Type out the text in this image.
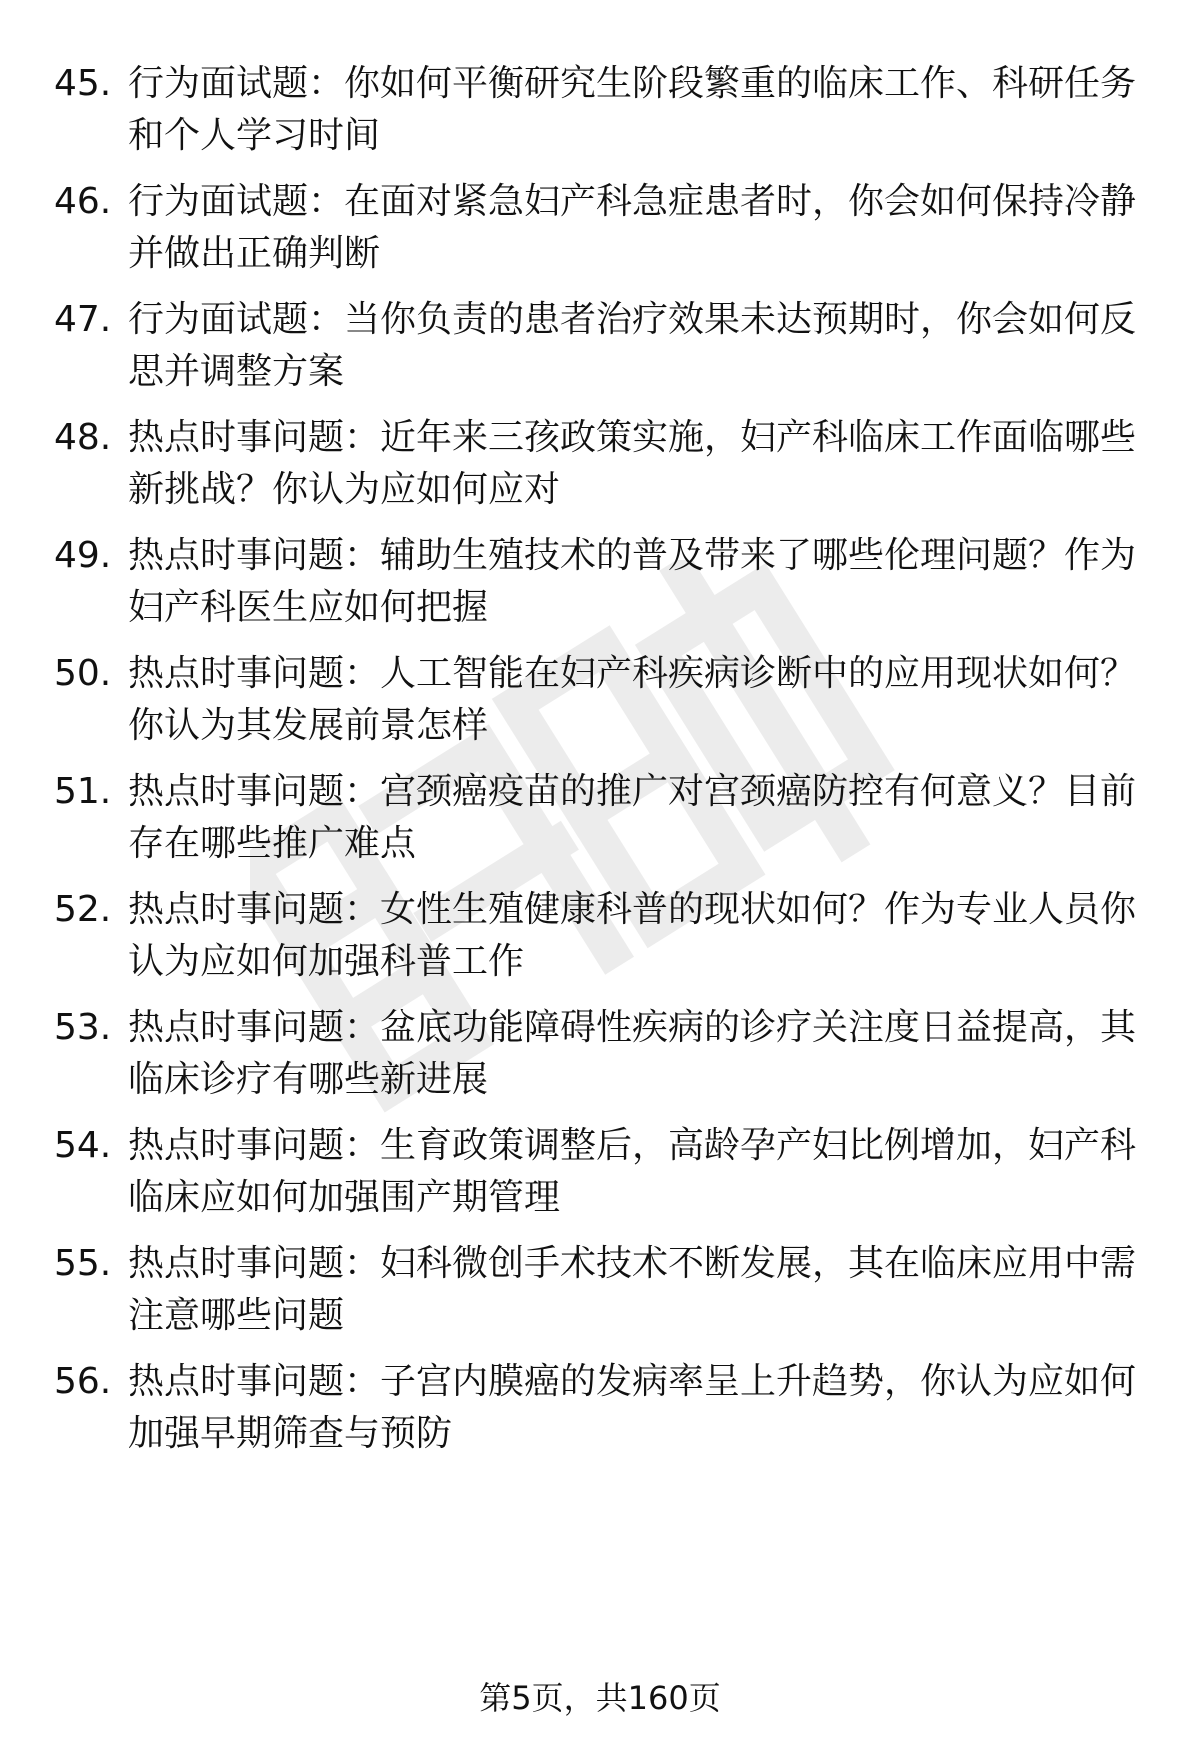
45. 行为面试题：你如何平衡研究生阶段繁重的临床工作、科研任务
和个人学习时间
46. 行为面试题：在面对紧急妇产科急症患者时，你会如何保持冷静
并做出正确判断
47. 行为面试题：当你负责的患者治疗效果未达预期时，你会如何反
思并调整方案
48. 热点时事问题：近年来三孩政策实施，妇产科临床工作面临哪些
新挑战？你认为应如何应对
49. 热点时事问题：辅助生殖技术的普及带来了哪些伦理问题？作为
妇产科医生应如何把握
50. 热点时事问题：人工智能在妇产科疾病诊断中的应用现状如何？
你认为其发展前景怎样
51. 热点时事问题：宫颈癌疫苗的推广对宫颈癌防控有何意义？目前
存在哪些推广难点
52. 热点时事问题：女性生殖健康科普的现状如何？作为专业人员你
认为应如何加强科普工作
53. 热点时事问题：盆底功能障碍性疾病的诊疗关注度日益提高，其
临床诊疗有哪些新进展
54. 热点时事问题：生育政策调整后，高龄孕产妇比例增加，妇产科
临床应如何加强围产期管理
55. 热点时事问题：妇科微创手术技术不断发展，其在临床应用中需
注意哪些问题
56. 热点时事问题：子宫内膜癌的发病率呈上升趋势，你认为应如何
加强早期筛查与预防
第5页，共160页
